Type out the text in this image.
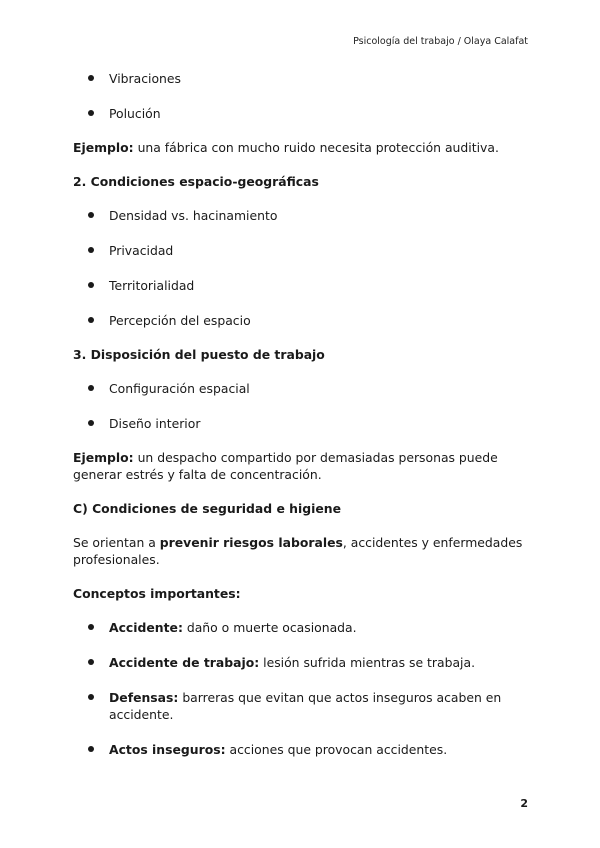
Psicología del trabajo / Olaya Calafat
Vibraciones
Polución

Ejemplo: una fábrica con mucho ruido necesita protección auditiva.

2. Condiciones espacio-geográficas

Densidad vs. hacinamiento
Privacidad
Territorialidad
Percepción del espacio

3. Disposición del puesto de trabajo

Configuración espacial
Diseño interior

Ejemplo: un despacho compartido por demasiadas personas puede generar estrés y falta de concentración.

C) Condiciones de seguridad e higiene

Se orientan a prevenir riesgos laborales, accidentes y enfermedades profesionales.

Conceptos importantes:

Accidente: daño o muerte ocasionada.
Accidente de trabajo: lesión sufrida mientras se trabaja.
Defensas: barreras que evitan que actos inseguros acaben en accidente.
Actos inseguros: acciones que provocan accidentes.
2
